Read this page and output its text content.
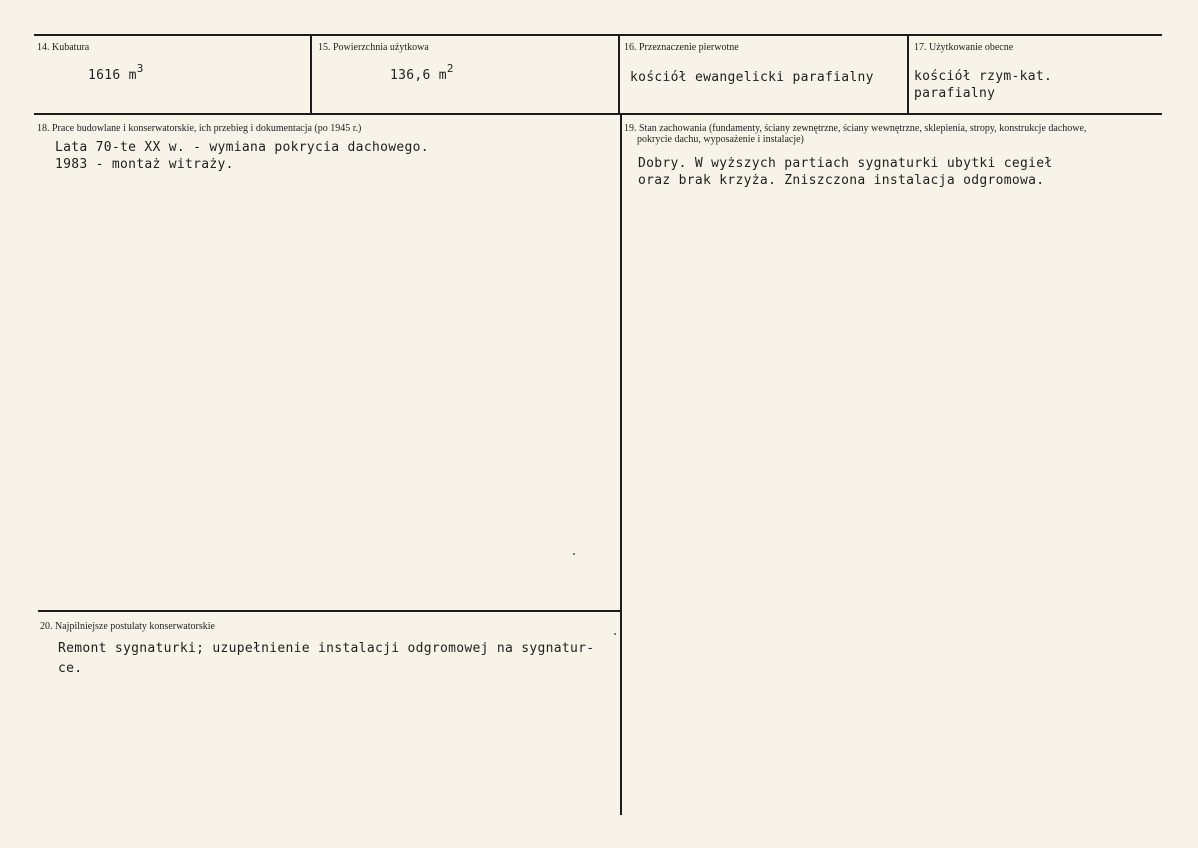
14. Kubatura
1616 $m^3$
15. Powierzchnia użytkowa
136,6 $m^2$
16. Przeznaczenie pierwotne
kościół ewangelicki parafialny
17. Użytkowanie obecne
kościół rzym-kat.
parafialny
18. Prace budowlane i konserwatorskie, ich przebieg i dokumentacja (po 1945 r.)
Lata 70-te XX w. - wymiana pokrycia dachowego.
1983 - montaż witraży.
19. Stan zachowania (fundamenty, ściany zewnętrzne, ściany wewnętrzne, sklepienia, stropy, konstrukcje dachowe,
pokrycie dachu, wyposażenie i instalacje)
Dobry. W wyższych partiach sygnaturki ubytki cegieł
oraz brak krzyża. Zniszczona instalacja odgromowa.
20. Najpilniejsze postulaty konserwatorskie
Remont sygnaturki; uzupełnienie instalacji odgromowej na sygnatur-
ce.
